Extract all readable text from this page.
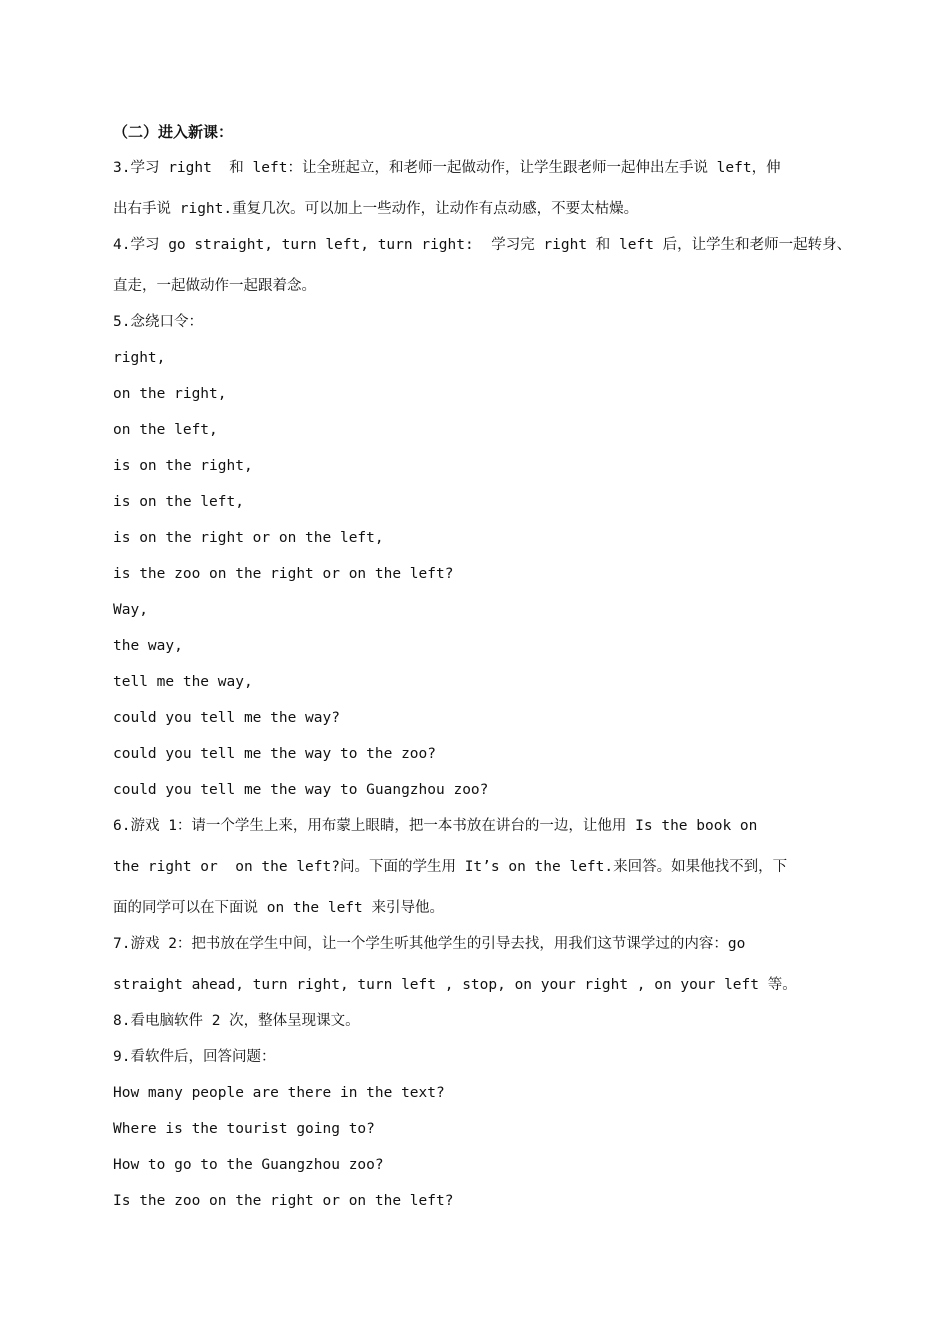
（二）进入新课：

3.学习 right  和 left：让全班起立，和老师一起做动作，让学生跟老师一起伸出左手说 left，伸

出右手说 right.重复几次。可以加上一些动作，让动作有点动感，不要太枯燥。

4.学习 go straight, turn left, turn right:  学习完 right 和 left 后，让学生和老师一起转身、

直走，一起做动作一起跟着念。

5.念绕口令：

right,

on the right,

on the left,

is on the right,

is on the left,

is on the right or on the left,

is the zoo on the right or on the left?

Way,

the way,

tell me the way,

could you tell me the way?

could you tell me the way to the zoo?

could you tell me the way to Guangzhou zoo?

6.游戏 1：请一个学生上来，用布蒙上眼睛，把一本书放在讲台的一边，让他用 Is the book on

the right or  on the left?问。下面的学生用 It’s on the left.来回答。如果他找不到，下

面的同学可以在下面说 on the left 来引导他。

7.游戏 2：把书放在学生中间，让一个学生听其他学生的引导去找，用我们这节课学过的内容：go

straight ahead, turn right, turn left , stop, on your right , on your left 等。

8.看电脑软件 2 次，整体呈现课文。

9.看软件后，回答问题：

How many people are there in the text?

Where is the tourist going to?

How to go to the Guangzhou zoo?

Is the zoo on the right or on the left?
